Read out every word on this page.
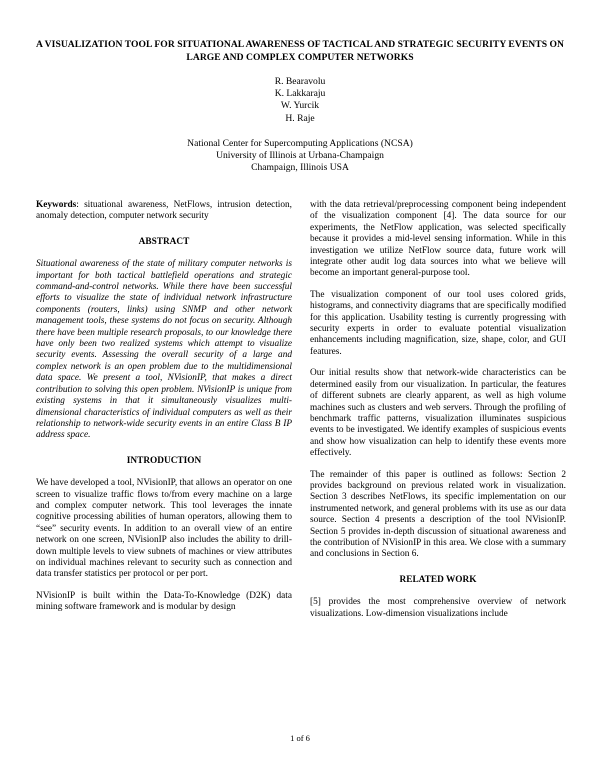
A VISUALIZATION TOOL FOR SITUATIONAL AWARENESS OF TACTICAL AND STRATEGIC SECURITY EVENTS ON LARGE AND COMPLEX COMPUTER NETWORKS
R. Bearavolu
K. Lakkaraju
W. Yurcik
H. Raje
National Center for Supercomputing Applications (NCSA)
University of Illinois at Urbana-Champaign
Champaign, Illinois USA

Keywords: situational awareness, NetFlows, intrusion detection, anomaly detection, computer network security

ABSTRACT

Situational awareness of the state of military computer networks is important for both tactical battlefield operations and strategic command-and-control networks. While there have been successful efforts to visualize the state of individual network infrastructure components (routers, links) using SNMP and other network management tools, these systems do not focus on security. Although there have been multiple research proposals, to our knowledge there have only been two realized systems which attempt to visualize security events. Assessing the overall security of a large and complex network is an open problem due to the multidimensional data space. We present a tool, NVisionIP, that makes a direct contribution to solving this open problem. NVisionIP is unique from existing systems in that it simultaneously visualizes multi-dimensional characteristics of individual computers as well as their relationship to network-wide security events in an entire Class B IP address space.

INTRODUCTION

We have developed a tool, NVisionIP, that allows an operator on one screen to visualize traffic flows to/from every machine on a large and complex computer network. This tool leverages the innate cognitive processing abilities of human operators, allowing them to “see” security events. In addition to an overall view of an entire network on one screen, NVisionIP also includes the ability to drill-down multiple levels to view subnets of machines or view attributes on individual machines relevant to security such as connection and data transfer statistics per protocol or per port.

NVisionIP is built within the Data-To-Knowledge (D2K) data mining software framework and is modular by design

with the data retrieval/preprocessing component being independent of the visualization component [4]. The data source for our experiments, the NetFlow application, was selected specifically because it provides a mid-level sensing information. While in this investigation we utilize NetFlow source data, future work will integrate other audit log data sources into what we believe will become an important general-purpose tool.

The visualization component of our tool uses colored grids, histograms, and connectivity diagrams that are specifically modified for this application. Usability testing is currently progressing with security experts in order to evaluate potential visualization enhancements including magnification, size, shape, color, and GUI features.

Our initial results show that network-wide characteristics can be determined easily from our visualization. In particular, the features of different subnets are clearly apparent, as well as high volume machines such as clusters and web servers. Through the profiling of benchmark traffic patterns, visualization illuminates suspicious events to be investigated. We identify examples of suspicious events and show how visualization can help to identify these events more effectively.

The remainder of this paper is outlined as follows: Section 2 provides background on previous related work in visualization. Section 3 describes NetFlows, its specific implementation on our instrumented network, and general problems with its use as our data source. Section 4 presents a description of the tool NVisionIP. Section 5 provides in-depth discussion of situational awareness and the contribution of NVisionIP in this area. We close with a summary and conclusions in Section 6.

RELATED WORK

[5] provides the most comprehensive overview of network visualizations. Low-dimension visualizations include

1 of 6
